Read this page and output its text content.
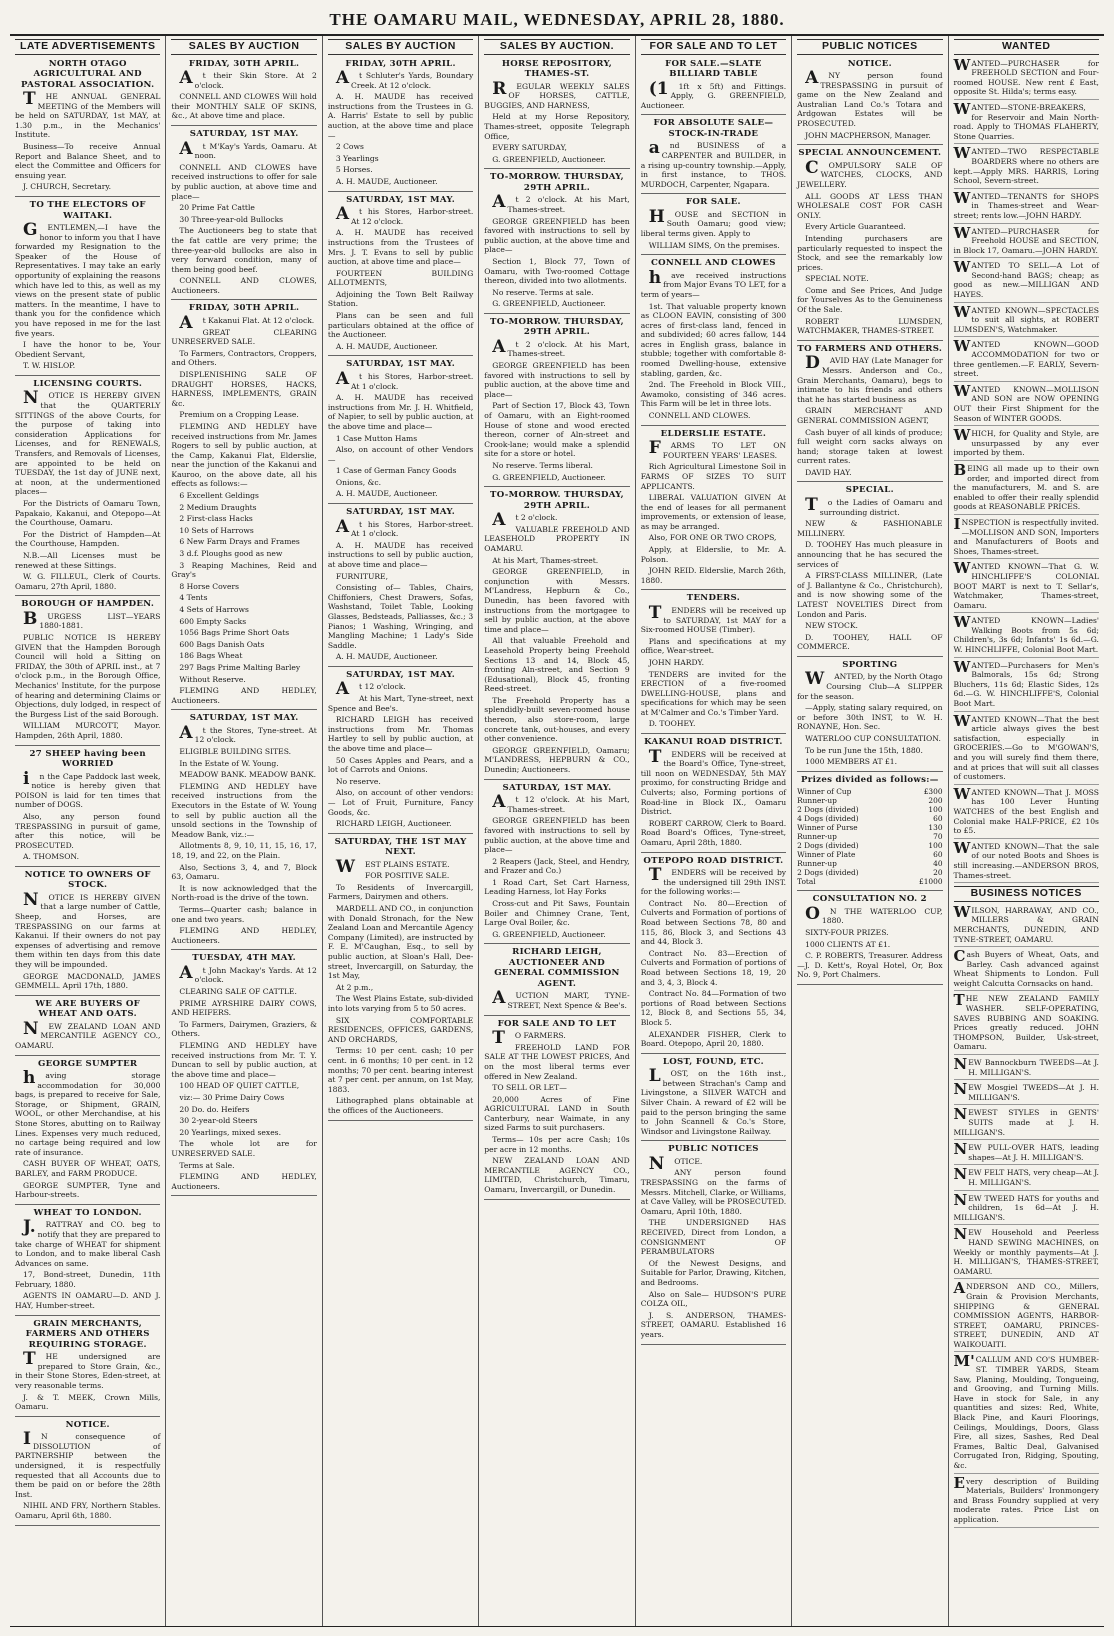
THE OAMARU MAIL, WEDNESDAY, APRIL 28, 1880.
LATE ADVERTISEMENTS
NORTH OTAGO AGRICULTURAL AND PASTORAL ASSOCIATION.

THE ANNUAL GENERAL MEETING of the Members will be held on SATURDAY, 1st MAY, at 1.30 p.m., in the Mechanics' Institute.

Business—To receive Annual Report and Balance Sheet, and to elect the Committee and Officers for ensuing year.

J. CHURCH, Secretary.

TO THE ELECTORS OF WAITAKI.

GENTLEMEN,—I have the honor to inform you that I have forwarded my Resignation to the Speaker of the House of Representatives. I may take an early opportunity of explaining the reasons which have led to this, as well as my views on the present state of public matters. In the meantime, I have to thank you for the confidence which you have reposed in me for the last five years.

I have the honor to be, Your Obedient Servant,

T. W. HISLOP.

LICENSING COURTS.

NOTICE IS HEREBY GIVEN that the QUARTERLY SITTINGS of the above Courts, for the purpose of taking into consideration Applications for Licenses, and for RENEWALS, Transfers, and Removals of Licenses, are appointed to be held on TUESDAY, the 1st day of JUNE next, at noon, at the undermentioned places—

For the Districts of Oamaru Town, Papakaio, Kakanui, and Otepopo—At the Courthouse, Oamaru.

For the District of Hampden—At the Courthouse, Hampden.

N.B.—All Licenses must be renewed at these Sittings.

W. G. FILLEUL, Clerk of Courts. Oamaru, 27th April, 1880.

BOROUGH OF HAMPDEN.

BURGESS LIST—YEARS 1880-1881.

PUBLIC NOTICE IS HEREBY GIVEN that the Hampden Borough Council will hold a Sitting on FRIDAY, the 30th of APRIL inst., at 7 o'clock p.m., in the Borough Office, Mechanics' Institute, for the purpose of hearing and determining Claims or Objections, duly lodged, in respect of the Burgess List of the said Borough.

WILLIAM MURCOTT, Mayor. Hampden, 26th April, 1880.

27 SHEEP having been WORRIED

in the Cape Paddock last week, notice is hereby given that POISON is laid for ten times that number of DOGS.

Also, any person found TRESPASSING in pursuit of game, after this notice, will be PROSECUTED.

A. THOMSON.

NOTICE TO OWNERS OF STOCK.

NOTICE IS HEREBY GIVEN that a large number of Cattle, Sheep, and Horses, are TRESPASSING on our farms at Kakanui. If their owners do not pay expenses of advertising and remove them within ten days from this date they will be impounded.

GEORGE MACDONALD, JAMES GEMMELL. April 17th, 1880.

WE ARE BUYERS OF WHEAT AND OATS.

NEW ZEALAND LOAN AND MERCANTILE AGENCY CO., OAMARU.

GEORGE SUMPTER

having storage accommodation for 30,000 bags, is prepared to receive for Sale, Storage, or Shipment, GRAIN, WOOL, or other Merchandise, at his Stone Stores, abutting on to Railway Lines. Expenses very much reduced, no cartage being required and low rate of insurance.

CASH BUYER OF WHEAT, OATS, BARLEY, and FARM PRODUCE.

GEORGE SUMPTER, Tyne and Harbour-streets.

WHEAT TO LONDON.

J.RATTRAY and CO. beg to notify that they are prepared to take charge of WHEAT for shipment to London, and to make liberal Cash Advances on same.

17, Bond-street, Dunedin, 11th February, 1880.

AGENTS IN OAMARU—D. AND J. HAY, Humber-street.

GRAIN MERCHANTS, FARMERS AND OTHERS REQUIRING STORAGE.

THE undersigned are prepared to Store Grain, &c., in their Stone Stores, Eden-street, at very reasonable terms.

J. & T. MEEK, Crown Mills, Oamaru.

NOTICE.

IN consequence of DISSOLUTION of PARTNERSHIP between the undersigned, it is respectfully requested that all Accounts due to them be paid on or before the 28th Inst.

NIHIL AND FRY, Northern Stables. Oamaru, April 6th, 1880.

SALES BY AUCTION
FRIDAY, 30TH APRIL.

At their Skin Store. At 2 o'clock.

CONNELL AND CLOWES Will hold their MONTHLY SALE OF SKINS, &c., At above time and place.

SATURDAY, 1ST MAY.

At M'Kay's Yards, Oamaru. At noon.

CONNELL AND CLOWES have received instructions to offer for sale by public auction, at above time and place—

20 Prime Fat Cattle

30 Three-year-old Bullocks

The Auctioneers beg to state that the fat cattle are very prime; the three-year-old bullocks are also in very forward condition, many of them being good beef.

CONNELL AND CLOWES, Auctioneers.

FRIDAY, 30TH APRIL.

At Kakanui Flat. At 12 o'clock.

GREAT CLEARING UNRESERVED SALE.

To Farmers, Contractors, Croppers, and Others.

DISPLENISHING SALE OF DRAUGHT HORSES, HACKS, HARNESS, IMPLEMENTS, GRAIN &c.

Premium on a Cropping Lease.

FLEMING AND HEDLEY have received instructions from Mr. James Rogers to sell by public auction, at the Camp, Kakanui Flat, Elderslie, near the junction of the Kakanui and Kauroo, on the above date, all his effects as follows:—

6 Excellent Geldings

2 Medium Draughts

2 First-class Hacks

10 Sets of Harrows

6 New Farm Drays and Frames

3 d.f. Ploughs good as new

3 Reaping Machines, Reid and Gray's

8 Horse Covers

4 Tents

4 Sets of Harrows

600 Empty Sacks

1056 Bags Prime Short Oats

600 Bags Danish Oats

186 Bags Wheat

297 Bags Prime Malting Barley

Without Reserve.

FLEMING AND HEDLEY, Auctioneers.

SATURDAY, 1ST MAY.

At the Stores, Tyne-street. At 12 o'clock.

ELIGIBLE BUILDING SITES.

In the Estate of W. Young.

MEADOW BANK. MEADOW BANK.

FLEMING AND HEDLEY have received instructions from the Executors in the Estate of W. Young to sell by public auction all the unsold sections in the Township of Meadow Bank, viz.:—

Allotments 8, 9, 10, 11, 15, 16, 17, 18, 19, and 22, on the Plain.

Also, Sections 3, 4, and 7, Block 63, Oamaru.

It is now acknowledged that the North-road is the drive of the town.

Terms—Quarter cash; balance in one and two years.

FLEMING AND HEDLEY, Auctioneers.

TUESDAY, 4TH MAY.

At John Mackay's Yards. At 12 o'clock.

CLEARING SALE OF CATTLE.

PRIME AYRSHIRE DAIRY COWS, AND HEIFERS.

To Farmers, Dairymen, Graziers, & Others.

FLEMING AND HEDLEY have received instructions from Mr. T. Y. Duncan to sell by public auction, at the above time and place—

100 HEAD OF QUIET CATTLE,

viz:— 30 Prime Dairy Cows

20 Do. do. Heifers

30 2-year-old Steers

20 Yearlings, mixed sexes.

The whole lot are for UNRESERVED SALE.

Terms at Sale.

FLEMING AND HEDLEY, Auctioneers.

SALES BY AUCTION
FRIDAY, 30TH APRIL.

At Schluter's Yards, Boundary Creek. At 12 o'clock.

A. H. MAUDE has received instructions from the Trustees in G. A. Harris' Estate to sell by public auction, at the above time and place—

2 Cows

3 Yearlings

5 Horses.

A. H. MAUDE, Auctioneer.

SATURDAY, 1ST MAY.

At his Stores, Harbor-street. At 12 o'clock.

A. H. MAUDE has received instructions from the Trustees of Mrs. J. T. Evans to sell by public auction, at above time and place—

FOURTEEN BUILDING ALLOTMENTS,

Adjoining the Town Belt Railway Station.

Plans can be seen and full particulars obtained at the office of the Auctioneer.

A. H. MAUDE, Auctioneer.

SATURDAY, 1ST MAY.

At his Stores, Harbor-street. At 1 o'clock.

A. H. MAUDE has received instructions from Mr. J. H. Whitfield, of Napier, to sell by public auction, at the above time and place—

1 Case Mutton Hams

Also, on account of other Vendors—

1 Case of German Fancy Goods

Onions, &c.

A. H. MAUDE, Auctioneer.

SATURDAY, 1ST MAY.

At his Stores, Harbor-street. At 1 o'clock.

A. H. MAUDE has received instructions to sell by public auction, at above time and place—

FURNITURE,

Consisting of— Tables, Chairs, Chiffoniers, Chest Drawers, Sofas, Washstand, Toilet Table, Looking Glasses, Bedsteads, Palliasses, &c.; 3 Pianos; 1 Washing, Wringing, and Mangling Machine; 1 Lady's Side Saddle.

A. H. MAUDE, Auctioneer.

SATURDAY, 1ST MAY.

At 12 o'clock.

At his Mart, Tyne-street, next Spence and Bee's.

RICHARD LEIGH has received instructions from Mr. Thomas Hartley to sell by public auction, at the above time and place—

50 Cases Apples and Pears, and a lot of Carrots and Onions.

No reserve.

Also, on account of other vendors:— Lot of Fruit, Furniture, Fancy Goods, &c.

RICHARD LEIGH, Auctioneer.

SATURDAY, THE 1ST MAY NEXT.

WEST PLAINS ESTATE.

FOR POSITIVE SALE.

To Residents of Invercargill, Farmers, Dairymen and others.

MARDELL AND CO., in conjunction with Donald Stronach, for the New Zealand Loan and Mercantile Agency Company (Limited), are instructed by F. E. M'Caughan, Esq., to sell by public auction, at Sloan's Hall, Dee-street, Invercargill, on Saturday, the 1st May,

At 2 p.m.,

The West Plains Estate, sub-divided into lots varying from 5 to 50 acres.

SIX COMFORTABLE RESIDENCES, OFFICES, GARDENS, AND ORCHARDS,

Terms: 10 per cent. cash; 10 per cent. in 6 months; 10 per cent. in 12 months; 70 per cent. bearing interest at 7 per cent. per annum, on 1st May, 1883.

Lithographed plans obtainable at the offices of the Auctioneers.

SALES BY AUCTION.
HORSE REPOSITORY, THAMES-ST.

REGULAR WEEKLY SALES OF HORSES, CATTLE, BUGGIES, AND HARNESS,

Held at my Horse Repository, Thames-street, opposite Telegraph Office,

EVERY SATURDAY,

G. GREENFIELD, Auctioneer.

TO-MORROW. THURSDAY, 29TH APRIL.

At 2 o'clock. At his Mart, Thames-street.

GEORGE GREENFIELD has been favored with instructions to sell by public auction, at the above time and place—

Section 1, Block 77, Town of Oamaru, with Two-roomed Cottage thereon, divided into two allotments.

No reserve. Terms at sale.

G. GREENFIELD, Auctioneer.

TO-MORROW. THURSDAY, 29TH APRIL.

At 2 o'clock. At his Mart, Thames-street.

GEORGE GREENFIELD has been favored with instructions to sell by public auction, at the above time and place—

Part of Section 17, Block 43, Town of Oamaru, with an Eight-roomed House of stone and wood erected thereon, corner of Aln-street and Crook-lane; would make a splendid site for a store or hotel.

No reserve. Terms liberal.

G. GREENFIELD, Auctioneer.

TO-MORROW. THURSDAY, 29TH APRIL.

At 2 o'clock.

VALUABLE FREEHOLD AND LEASEHOLD PROPERTY IN OAMARU.

At his Mart, Thames-street.

GEORGE GREENFIELD, in conjunction with Messrs. M'Landress, Hepburn & Co., Dunedin, has been favored with instructions from the mortgagee to sell by public auction, at the above time and place—

All that valuable Freehold and Leasehold Property being Freehold Sections 13 and 14, Block 45, fronting Aln-street, and Section 9 (Edusational), Block 45, fronting Reed-street.

The Freehold Property has a splendidly-built seven-roomed house thereon, also store-room, large concrete tank, out-houses, and every other convenience.

GEORGE GREENFIELD, Oamaru; M'LANDRESS, HEPBURN & CO., Dunedin; Auctioneers.

SATURDAY, 1ST MAY.

At 12 o'clock. At his Mart, Thames-street.

GEORGE GREENFIELD has been favored with instructions to sell by public auction, at the above time and place—

2 Reapers (Jack, Steel, and Hendry, and Frazer and Co.)

1 Road Cart, Set Cart Harness, Leading Harness, lot Hay Forks

Cross-cut and Pit Saws, Fountain Boiler and Chimney Crane, Tent, Large Oval Boiler, &c.

G. GREENFIELD, Auctioneer.

RICHARD LEIGH, AUCTIONEER AND GENERAL COMMISSION AGENT.

AUCTION MART, TYNE-STREET, Next Spence & Bee's.

FOR SALE AND TO LET

TO FARMERS.

FREEHOLD LAND FOR SALE AT THE LOWEST PRICES, And on the most liberal terms ever offered in New Zealand.

TO SELL OR LET—

20,000 Acres of Fine AGRICULTURAL LAND in South Canterbury, near Waimate, in any sized Farms to suit purchasers.

Terms— 10s per acre Cash; 10s per acre in 12 months.

NEW ZEALAND LOAN AND MERCANTILE AGENCY CO., LIMITED, Christchurch, Timaru, Oamaru, Invercargill, or Dunedin.

FOR SALE AND TO LET
FOR SALE.—SLATE BILLIARD TABLE

(11ft x 5ft) and Fittings. Apply, G. GREENFIELD, Auctioneer.

FOR ABSOLUTE SALE—STOCK-IN-TRADE

and BUSINESS of a CARPENTER and BUILDER, in a rising up-country township.—Apply, in first instance, to THOS. MURDOCH, Carpenter, Ngapara.

FOR SALE.

HOUSE and SECTION in South Oamaru; good view; liberal terms given. Apply to

WILLIAM SIMS, On the premises.

CONNELL AND CLOWES

have received instructions from Major Evans TO LET, for a term of years—

1st. That valuable property known as CLOON EAVIN, consisting of 300 acres of first-class land, fenced in and subdivided; 60 acres fallow, 144 acres in English grass, balance in stubble; together with comfortable 8-roomed Dwelling-house, extensive stabling, garden, &c.

2nd. The Freehold in Block VIII., Awamoko, consisting of 346 acres. This Farm will be let in three lots.

CONNELL AND CLOWES.

ELDERSLIE ESTATE.

FARMS TO LET ON FOURTEEN YEARS' LEASES.

Rich Agricultural Limestone Soil in FARMS OF SIZES TO SUIT APPLICANTS.

LIBERAL VALUATION GIVEN At the end of leases for all permanent improvements, or extension of lease, as may be arranged.

Also, FOR ONE OR TWO CROPS,

Apply, at Elderslie, to Mr. A. Polson.

JOHN REID. Elderslie, March 26th, 1880.

TENDERS.

TENDERS will be received up to SATURDAY, 1st MAY for a Six-roomed HOUSE (Timber).

Plans and specifications at my office, Wear-street.

JOHN HARDY.

TENDERS are invited for the ERECTION of a five-roomed DWELLING-HOUSE, plans and specifications for which may be seen at M'Calmer and Co.'s Timber Yard.

D. TOOHEY.

KAKANUI ROAD DISTRICT.

TENDERS will be received at the Board's Office, Tyne-street, till noon on WEDNESDAY, 5th MAY proximo, for constructing Bridge and Culverts; also, Forming portions of Road-line in Block IX., Oamaru District.

ROBERT CARROW, Clerk to Board. Road Board's Offices, Tyne-street, Oamaru, April 28th, 1880.

OTEPOPO ROAD DISTRICT.

TENDERS will be received by the undersigned till 29th INST. for the following works:—

Contract No. 80—Erection of Culverts and Formation of portions of Road between Sections 78, 80 and 115, 86, Block 3, and Sections 43 and 44, Block 3.

Contract No. 83—Erection of Culverts and Formation of portions of Road between Sections 18, 19, 20 and 3, 4, 3, Block 4.

Contract No. 84—Formation of two portions of Road between Sections 12, Block 8, and Sections 55, 34, Block 5.

ALEXANDER FISHER, Clerk to Board. Otepopo, April 20, 1880.

LOST, FOUND, ETC.

LOST, on the 16th inst., between Strachan's Camp and Livingstone, a SILVER WATCH and Silver Chain. A reward of £2 will be paid to the person bringing the same to John Scannell & Co.'s Store, Windsor and Livingstone Railway.

PUBLIC NOTICES

NOTICE.

ANY person found TRESPASSING on the farms of Messrs. Mitchell, Clarke, or Williams, at Cave Valley, will be PROSECUTED. Oamaru, April 10th, 1880.

THE UNDERSIGNED HAS RECEIVED, Direct from London, a CONSIGNMENT OF PERAMBULATORS

Of the Newest Designs, and Suitable for Parlor, Drawing, Kitchen, and Bedrooms.

Also on Sale— HUDSON'S PURE COLZA OIL,

J. S. ANDERSON, THAMES-STREET, OAMARU. Established 16 years.

PUBLIC NOTICES
NOTICE.

ANY person found TRESPASSING in pursuit of game on the New Zealand and Australian Land Co.'s Totara and Ardgowan Estates will be PROSECUTED.

JOHN MACPHERSON, Manager.

SPECIAL ANNOUNCEMENT.

COMPULSORY SALE OF WATCHES, CLOCKS, AND JEWELLERY.

ALL GOODS AT LESS THAN WHOLESALE COST FOR CASH ONLY.

Every Article Guaranteed.

Intending purchasers are particularly requested to inspect the Stock, and see the remarkably low prices.

SPECIAL NOTE.

Come and See Prices, And Judge for Yourselves As to the Genuineness Of the Sale.

ROBERT LUMSDEN, WATCHMAKER, THAMES-STREET.

TO FARMERS AND OTHERS.

DAVID HAY (Late Manager for Messrs. Anderson and Co., Grain Merchants, Oamaru), begs to intimate to his friends and others that he has started business as

GRAIN MERCHANT AND GENERAL COMMISSION AGENT,

Cash buyer of all kinds of produce; full weight corn sacks always on hand; storage taken at lowest current rates.

DAVID HAY.

SPECIAL.

To the Ladies of Oamaru and surrounding district.

NEW & FASHIONABLE MILLINERY.

D. TOOHEY Has much pleasure in announcing that he has secured the services of

A FIRST-CLASS MILLINER, (Late of J. Ballantyne & Co., Christchurch), and is now showing some of the LATEST NOVELTIES Direct from London and Paris.

NEW STOCK.

D. TOOHEY, HALL OF COMMERCE.

SPORTING

WANTED, by the North Otago Coursing Club—A SLIPPER for the season.

—Apply, stating salary required, on or before 30th INST, to W. H. RONAYNE, Hon. Sec.

WATERLOO CUP CONSULTATION.

To be run June the 15th, 1880.

1000 MEMBERS AT £1.

Prizes divided as follows:—
Winner of Cup	£300
Runner-up	200
2 Dogs (divided)	100
4 Dogs (divided)	60
Winner of Purse	130
Runner-up	70
2 Dogs (divided)	100
Winner of Plate	60
Runner-up	40
2 Dogs (divided)	20
Total	£1000
CONSULTATION NO. 2

ON THE WATERLOO CUP, 1880.

SIXTY-FOUR PRIZES.

1000 CLIENTS AT £1.

C. P. ROBERTS, Treasurer. Address—J. D. Kett's, Royal Hotel, Or, Box No. 9, Port Chalmers.

WANTED
WANTED—PURCHASER for FREEHOLD SECTION and Four-roomed HOUSE. New rent £ East, opposite St. Hilda's; terms easy.
WANTED—STONE-BREAKERS, for Reservoir and Main North-road. Apply to THOMAS FLAHERTY, Stone Quarries.
WANTED—TWO RESPECTABLE BOARDERS where no others are kept.—Apply MRS. HARRIS, Loring School, Severn-street.
WANTED—TENANTS for SHOPS in Thames-street and Wear-street; rents low.—JOHN HARDY.
WANTED—PURCHASER for Freehold HOUSE and SECTION, in Block 17, Oamaru.—JOHN HARDY.
WANTED TO SELL—A Lot of Second-hand BAGS; cheap; as good as new.—MILLIGAN AND HAYES.
WANTED KNOWN—SPECTACLES to suit all sights, at ROBERT LUMSDEN'S, Watchmaker.
WANTED KNOWN—GOOD ACCOMMODATION for two or three gentlemen.—F. EARLY, Severn-street.
WANTED KNOWN—MOLLISON AND SON are NOW OPENING OUT their First Shipment for the Season of WINTER GOODS.
WHICH, for Quality and Style, are unsurpassed by any ever imported by them.
BEING all made up to their own order, and imported direct from the manufacturers, M. and S. are enabled to offer their really splendid goods at REASONABLE PRICES.
INSPECTION is respectfully invited.—MOLLISON AND SON, Importers and Manufacturers of Boots and Shoes, Thames-street.
WANTED KNOWN—That G. W. HINCHLIFFE'S COLONIAL BOOT MART is next to T. Sellar's, Watchmaker, Thames-street, Oamaru.
WANTED KNOWN—Ladies' Walking Boots from 5s 6d; Children's, 3s 6d; Infants' 1s 6d.—G. W. HINCHLIFFE, Colonial Boot Mart.
WANTED—Purchasers for Men's Balmorals, 15s 6d; Strong Bluchers, 11s 6d; Elastic Sides, 12s 6d.—G. W. HINCHLIFFE'S, Colonial Boot Mart.
WANTED KNOWN—That the best article always gives the best satisfaction, especially in GROCERIES.—Go to M'GOWAN'S, and you will surely find them there, and at prices that will suit all classes of customers.
WANTED KNOWN—That J. MOSS has 100 Lever Hunting WATCHES of the best English and Colonial make HALF-PRICE, £2 10s to £5.
WANTED KNOWN—That the sale of our noted Boots and Shoes is still increasing.—ANDERSON BROS, Thames-street.
BUSINESS NOTICES
WILSON, HARRAWAY, AND CO., MILLERS & GRAIN MERCHANTS, DUNEDIN, AND TYNE-STREET, OAMARU.
Cash Buyers of Wheat, Oats, and Barley. Cash advanced against Wheat Shipments to London. Full weight Calcutta Cornsacks on hand.
THE NEW ZEALAND FAMILY WASHER. SELF-OPERATING, SAVES RUBBING AND SOAKING. Prices greatly reduced. JOHN THOMPSON, Builder, Usk-street, Oamaru.
NEW Bannockburn TWEEDS—At J. H. MILLIGAN'S.
NEW Mosgiel TWEEDS—At J. H. MILLIGAN'S.
NEWEST STYLES in GENTS' SUITS made at J. H. MILLIGAN'S.
NEW PULL-OVER HATS, leading shapes—At J. H. MILLIGAN'S.
NEW FELT HATS, very cheap—At J. H. MILLIGAN'S.
NEW TWEED HATS for youths and children, 1s 6d—At J. H. MILLIGAN'S.
NEW Household and Peerless HAND SEWING MACHINES, on Weekly or monthly payments—At J. H. MILLIGAN'S, THAMES-STREET, OAMARU.
ANDERSON AND CO., Millers, Grain & Provision Merchants, SHIPPING & GENERAL COMMISSION AGENTS, HARBOR-STREET, OAMARU, PRINCES-STREET, DUNEDIN, AND AT WAIKOUAITI.
M'CALLUM AND CO'S HUMBER-ST. TIMBER YARDS, Steam Saw, Planing, Moulding, Tongueing, and Grooving, and Turning Mills. Have in stock for Sale, in any quantities and sizes: Red, White, Black Pine, and Kauri Floorings, Ceilings, Mouldings, Doors, Glass Fire, all sizes, Sashes, Red Deal Frames, Baltic Deal, Galvanised Corrugated Iron, Ridging, Spouting, &c.
Every description of Building Materials, Builders' Ironmongery and Brass Foundry supplied at very moderate rates. Price List on application.
